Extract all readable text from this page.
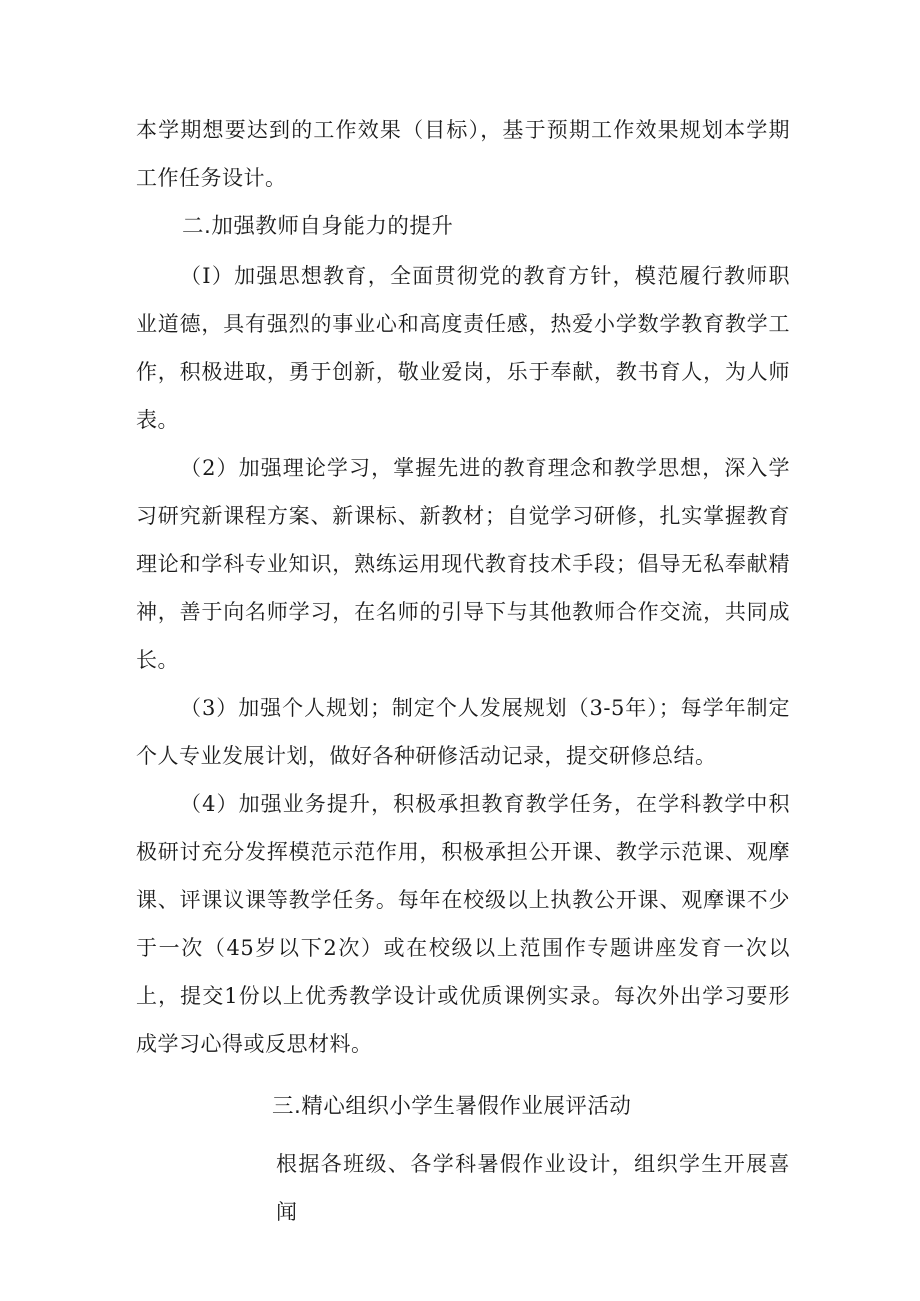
本学期想要达到的工作效果（目标），基于预期工作效果规划本学期工作任务设计。

二.加强教师自身能力的提升

（I）加强思想教育，全面贯彻党的教育方针，模范履行教师职业道德，具有强烈的事业心和高度责任感，热爱小学数学教育教学工作，积极进取，勇于创新，敬业爱岗，乐于奉献，教书育人，为人师表。

（2）加强理论学习，掌握先进的教育理念和教学思想，深入学习研究新课程方案、新课标、新教材；自觉学习研修，扎实掌握教育理论和学科专业知识，熟练运用现代教育技术手段；倡导无私奉献精神，善于向名师学习，在名师的引导下与其他教师合作交流，共同成长。

（3）加强个人规划；制定个人发展规划（3-5年）；每学年制定个人专业发展计划，做好各种研修活动记录，提交研修总结。

（4）加强业务提升，积极承担教育教学任务，在学科教学中积极研讨充分发挥模范示范作用，积极承担公开课、教学示范课、观摩课、评课议课等教学任务。每年在校级以上执教公开课、观摩课不少于一次（45岁以下2次）或在校级以上范围作专题讲座发育一次以上，提交1份以上优秀教学设计或优质课例实录。每次外出学习要形成学习心得或反思材料。

三.精心组织小学生暑假作业展评活动

根据各班级、各学科暑假作业设计，组织学生开展喜闻
